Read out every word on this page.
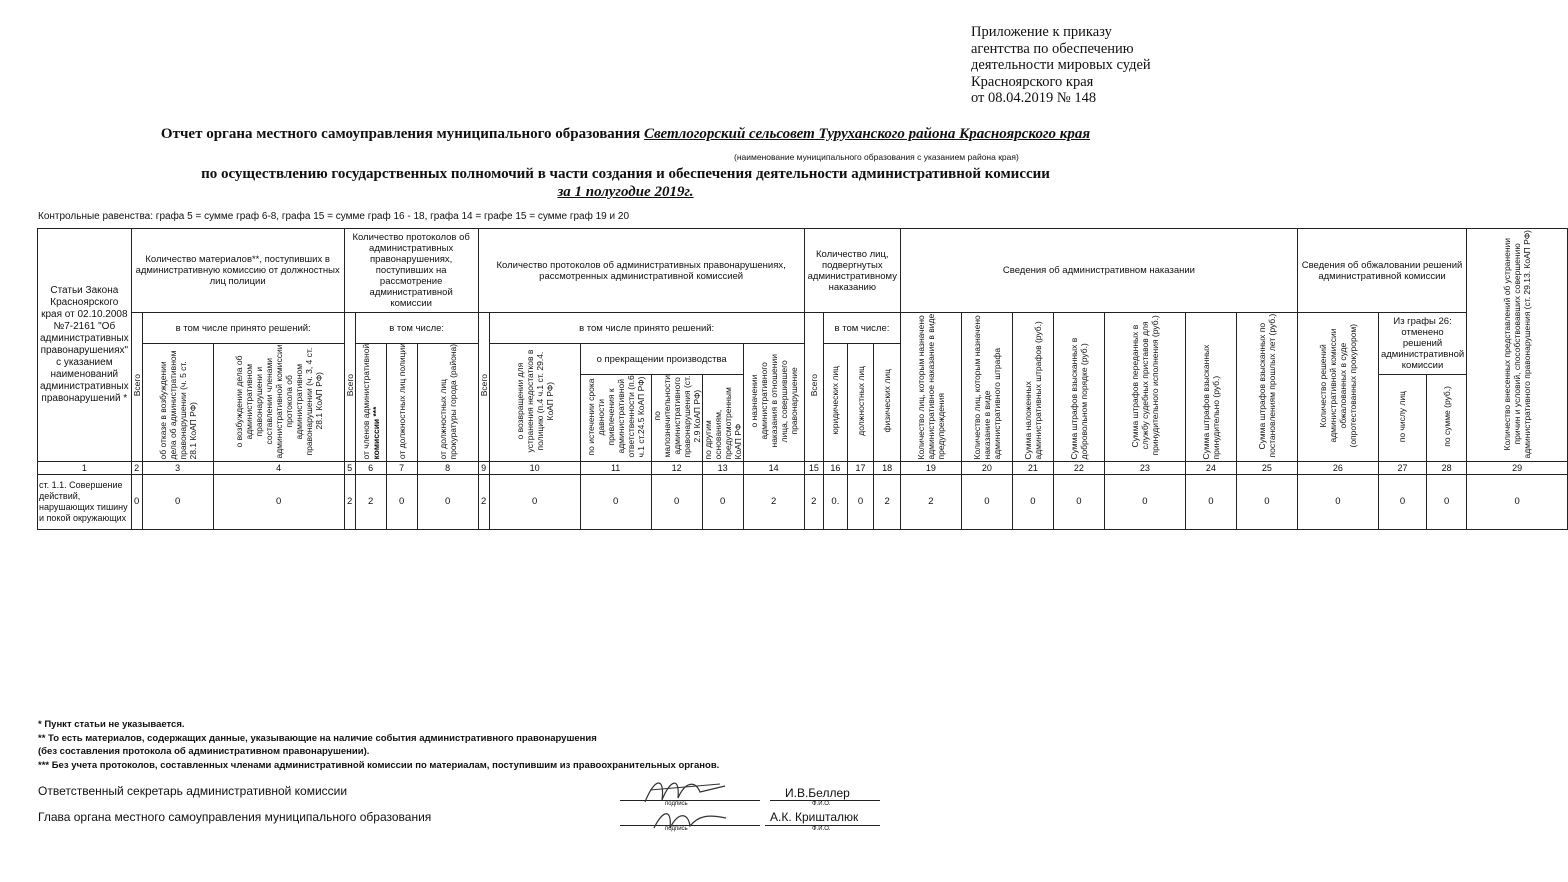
Приложение к приказу
агентства по обеспечению
деятельности мировых судей
Красноярского края
от 08.04.2019 № 148
Отчет органа местного самоуправления муниципального образования Светлогорский сельсовет Туруханского района Красноярского края
(наименование муниципального образования с указанием района края)
по осуществлению государственных полномочий в части создания и обеспечения деятельности административной комиссии
за 1 полугодие 2019г.
Контрольные равенства: графа 5 = сумме граф 6-8, графа 15 = сумме граф 16 - 18, графа 14 = графе 15 = сумме граф 19 и 20
Статьи Закона Красноярского края от 02.10.2008 №7-2161 "Об административных правонарушениях" с указанием наименований административных правонарушений *	Количество материалов**, поступивших в административную комиссию от должностных лиц полиции			Количество протоколов об административных правонарушениях, поступивших на рассмотрение административной комиссии				Количество протоколов об административных правонарушениях, рассмотренных административной комиссией						Количество лиц, подвергнутых административному наказанию				Сведения об административном наказании							Сведения об обжаловании решений административной комиссии			Количество внесенных представлений об устранении причин и условий, способствовавших совершению административного правонарушения (ст. 29.13. КоАП РФ)
	Всего	в том числе принято решений:		Всего	в том числе:			Всего	в том числе принято решений:					Всего	в том числе:			Количество лиц, которым назначено административное наказание в виде предупреждения	Количество лиц, которым назначено наказание в виде административного штрафа	Сумма наложенных административных штрафов (руб.)	Сумма штрафов взысканных в добровольном порядке (руб.)	Сумма штрафов переданных в службу судебных приставов для принудительного исполнения (руб.)	Сумма штрафов взысканных принудительно (руб.)	Сумма штрафов взысканных по постановлениям прошлых лет (руб.)	Количество решений административной комиссии обжалованных в суде (опротестованных прокурором)	Из графы 26: отменено решений административной комиссии		
		об отказе в возбуждении дела об административном правонарушении (ч. 5 ст. 28.1 КоАП РФ)	о возбуждении дела об административном правонарушени и составлении членами административной комиссии протокола об административном правонарушении (ч. 3, 4 ст. 28.1 КоАП РФ)		от членов административной комиссии ***	от должностных лиц полиции	от должностных лиц прокуратуры города (района)		о возвращении для устранения недостатков в полицию (п.4 ч.1 ст. 29.4. КоАП РФ)	о прекращении производства			о назначении административного наказания в отношении лица, совершившего правонарушение		юридических лиц	должностных лиц	физических лиц											
										по истечении срока давности привлечения к административной ответственности (п.6 ч.1 ст.24.5 КоАП РФ)	по малозначительности административного правонарушения (ст. 2.9 КоАП РФ)	по другим основаниям, предусмотренным КоАП РФ														по числу лиц	по сумме (руб.)	

1	2	3	4	5	6	7	8	9	10	11	12	13	14	15	16	17	18	19	20	21	22	23	24	25	26	27	28	29
ст. 1.1. Совершение действий, нарушающих тишину и покой окружающих	0	0	0	2	2	0	0	2	0	0	0	0	2	2	0.	0	2	2	0	0	0	0	0	0	0	0	0	0
* Пункт статьи не указывается.
** То есть материалов, содержащих данные, указывающие на наличие события административного правонарушения
(без составления протокола об административном правонарушении).
*** Без учета протоколов, составленных членами административной комиссии по материалам, поступившим из правоохранительных органов.
Ответственный секретарь административной комиссии
Глава органа местного самоуправления муниципального образования
подпись	Ф.И.О.
И.В.Беллер
подпись	Ф.И.О.
А.К. Кришталюк
